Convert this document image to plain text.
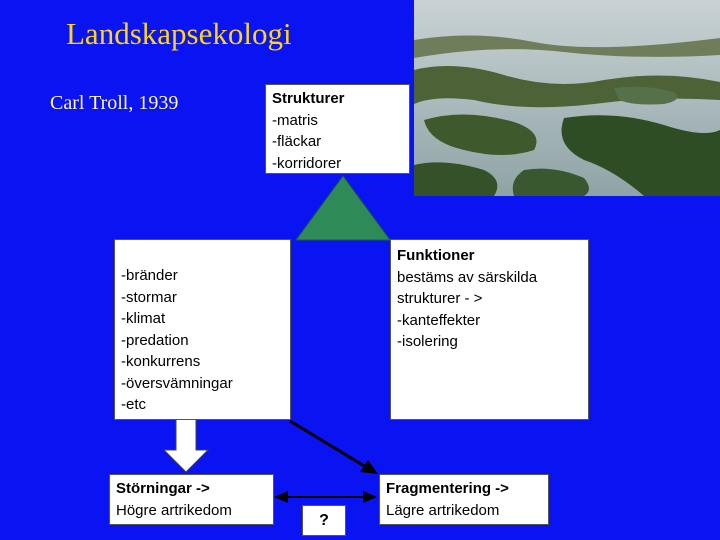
Landskapsekologi
Carl Troll, 1939	Strukturer
-matris
-fläckar
-korridorer
-bränder
-stormar
-klimat
-predation
-konkurrens
-översvämningar
-etc
Funktioner
bestäms av särskilda
strukturer - >
-kanteffekter
-isolering
Störningar ->
Högre artrikedom
Fragmentering ->
Lägre artrikedom
?
